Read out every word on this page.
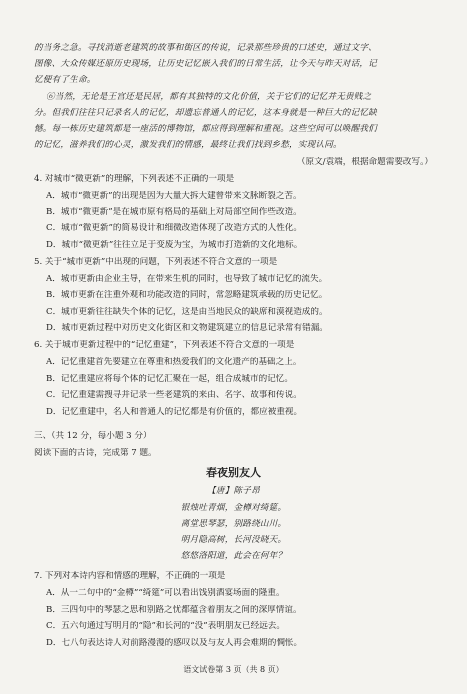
的当务之急。寻找消逝老建筑的故事和街区的传说，记录那些珍贵的口述史，通过文字、
图像、大众传媒还原历史现场，让历史记忆嵌入我们的日常生活，让今天与昨天对话，记
忆便有了生命。
⑥当然，无论是王宫还是民居，都有其独特的文化价值，关于它们的记忆并无贵贱之
分。但我们往往只记录名人的记忆，却遗忘普通人的记忆，这本身就是一种巨大的记忆缺
憾。每一栋历史建筑都是一座活的博物馆，都应得到理解和重视。这些空间可以唤醒我们
的记忆，滋养我们的心灵，激发我们的情感，最终让我们找到乡愁，实现认同。
（原文/袁端，根据命题需要改写。）
4. 对城市“微更新”的理解，下列表述不正确的一项是
A．城市“微更新”的出现是因为大量大拆大建曾带来文脉断裂之苦。
B．城市“微更新”是在城市原有格局的基础上对局部空间作些改造。
C．城市“微更新”的简易设计和细微改造体现了改造方式的人性化。
D．城市“微更新”往往立足于变废为宝，为城市打造新的文化地标。
5. 关于“城市更新”中出现的问题，下列表述不符合文意的一项是
A．城市更新由企业主导，在带来生机的同时，也导致了城市记忆的流失。
B．城市更新在注重外观和功能改造的同时，常忽略建筑承载的历史记忆。
C．城市更新往往缺失个体的记忆，这是由当地民众的缺席和漠视造成的。
D．城市更新过程中对历史文化街区和文物建筑建立的信息记录常有错漏。
6. 关于城市更新过程中的“记忆重建”，下列表述不符合文意的一项是
A．记忆重建首先要建立在尊重和热爱我们的文化遗产的基础之上。
B．记忆重建应将每个体的记忆汇聚在一起，组合成城市的记忆。
C．记忆重建需搜寻并记录一些老建筑的来由、名字、故事和传说。
D．记忆重建中，名人和普通人的记忆都是有价值的，都应被重视。
三、（共 12 分，每小题 3 分）
阅读下面的古诗，完成第 7 题。
春夜别友人
【唐】陈子昂
银烛吐青烟，金樽对绮筵。
离堂思琴瑟，别路绕山川。
明月隐高树，长河没晓天。
悠悠洛阳道，此会在何年？
7. 下列对本诗内容和情感的理解，不正确的一项是
A．从一二句中的“金樽”“绮筵”可以看出饯别酒宴场面的隆重。
B．三四句中的琴瑟之思和别路之忧都蕴含着朋友之间的深厚情谊。
C．五六句通过写明月的“隐”和长河的“没”表明朋友已经远去。
D．七八句表达诗人对前路漫漫的感叹以及与友人再会难期的惆怅。
语文试卷第 3 页（共 8 页）
